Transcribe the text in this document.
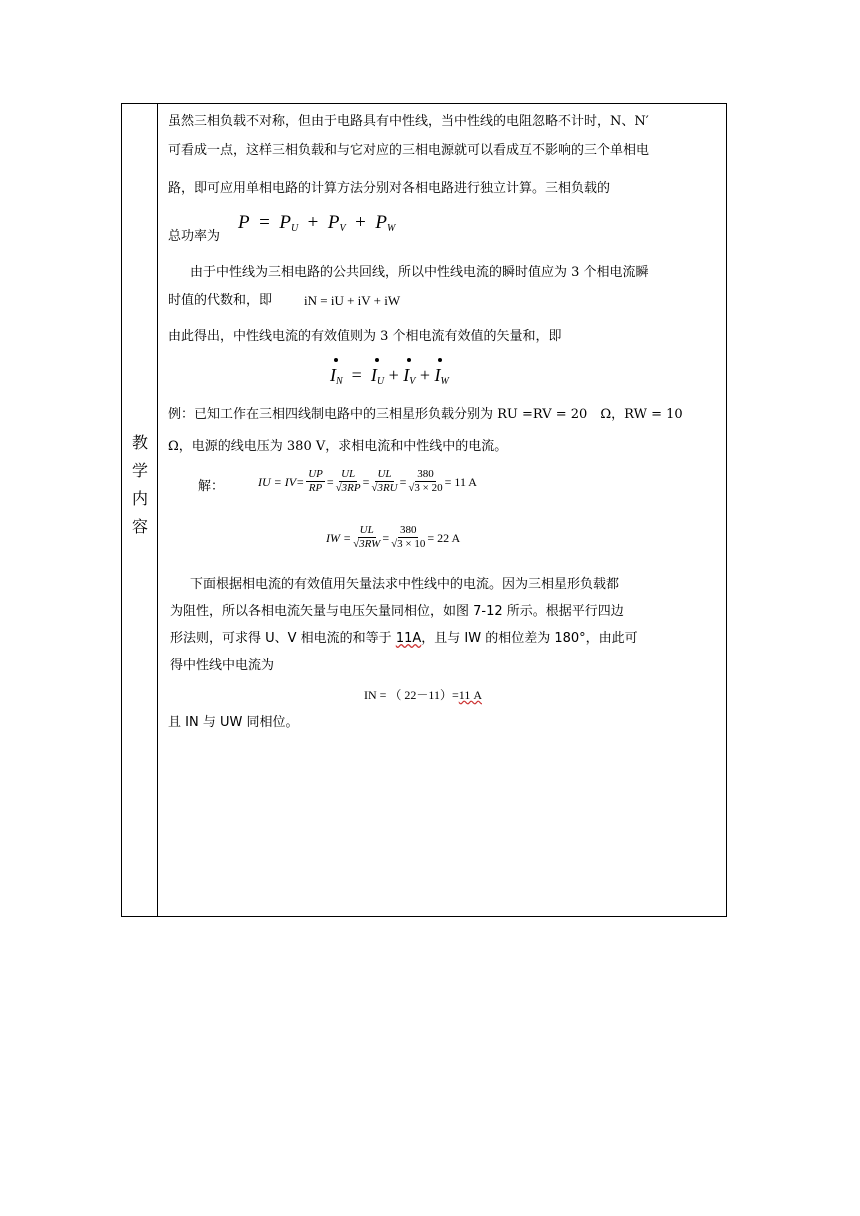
教
学
内
容
虽然三相负载不对称，但由于电路具有中性线，当中性线的电阻忽略不计时，N、N′
可看成一点，这样三相负载和与它对应的三相电源就可以看成互不影响的三个单相电
路，即可应用单相电路的计算方法分别对各相电路进行独立计算。三相负载的
总功率为
$P = P_U + P_V + P_W$
由于中性线为三相电路的公共回线，所以中性线电流的瞬时值应为 3 个相电流瞬
时值的代数和，即 iN = iU + iV + iW
由此得出，中性线电流的有效值则为 3 个相电流有效值的矢量和，即
$I_N = I_U + I_V + I_W$
例：已知工作在三相四线制电路中的三相星形负载分别为 RU =RV = 20　Ω，RW = 10
Ω，电源的线电压为 380 V，求相电流和中性线中的电流。
解：	IU = $IV= \frac{UP}{RP} = \frac{UL}{√3RP} = \frac{UL}{√3RU} = \frac{380}{√3 \times 20} = 11$ A
IW = $\frac{UL}{√3RW} = \frac{380}{√3 \times 10} = 22$ A
下面根据相电流的有效值用矢量法求中性线中的电流。因为三相星形负载都
为阻性，所以各相电流矢量与电压矢量同相位，如图 7-12 所示。根据平行四边
形法则，可求得 U、V 相电流的和等于 11A，且与 IW 的相位差为 180°，由此可
得中性线中电流为
IN = （ 22－11）=11 A
且 IN 与 UW 同相位。
